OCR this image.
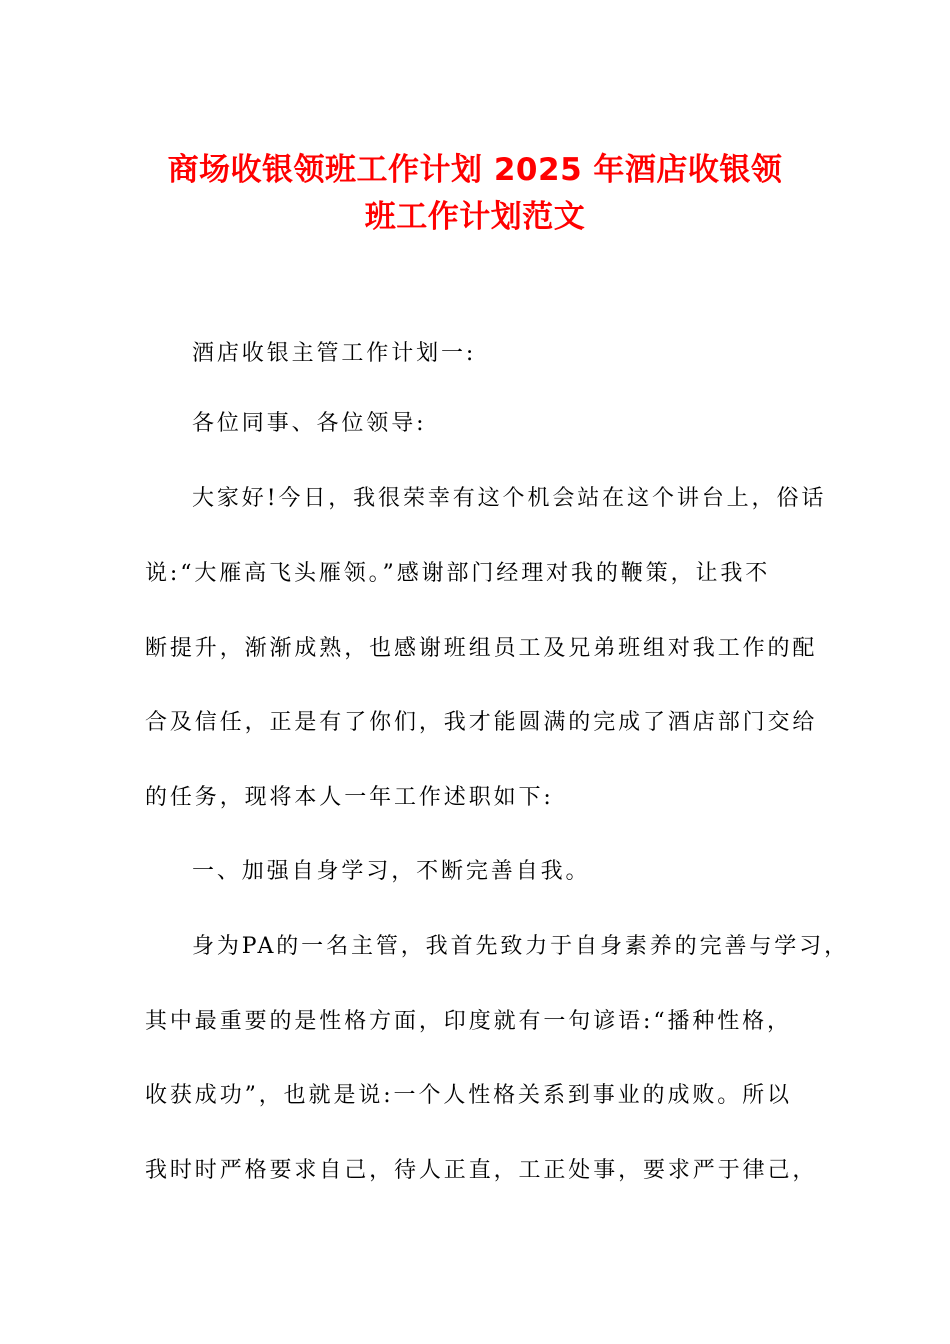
商场收银领班工作计划 2025 年酒店收银领
班工作计划范文
酒店收银主管工作计划一:
各位同事、各位领导:
大家好!今日，我很荣幸有这个机会站在这个讲台上，俗话
说:“大雁高飞头雁领。”感谢部门经理对我的鞭策，让我不
断提升，渐渐成熟，也感谢班组员工及兄弟班组对我工作的配
合及信任，正是有了你们，我才能圆满的完成了酒店部门交给
的任务，现将本人一年工作述职如下:
一、加强自身学习，不断完善自我。
身为PA的一名主管，我首先致力于自身素养的完善与学习，
其中最重要的是性格方面，印度就有一句谚语:“播种性格，
收获成功”，也就是说:一个人性格关系到事业的成败。所以
我时时严格要求自己，待人正直，工正处事，要求严于律己，
